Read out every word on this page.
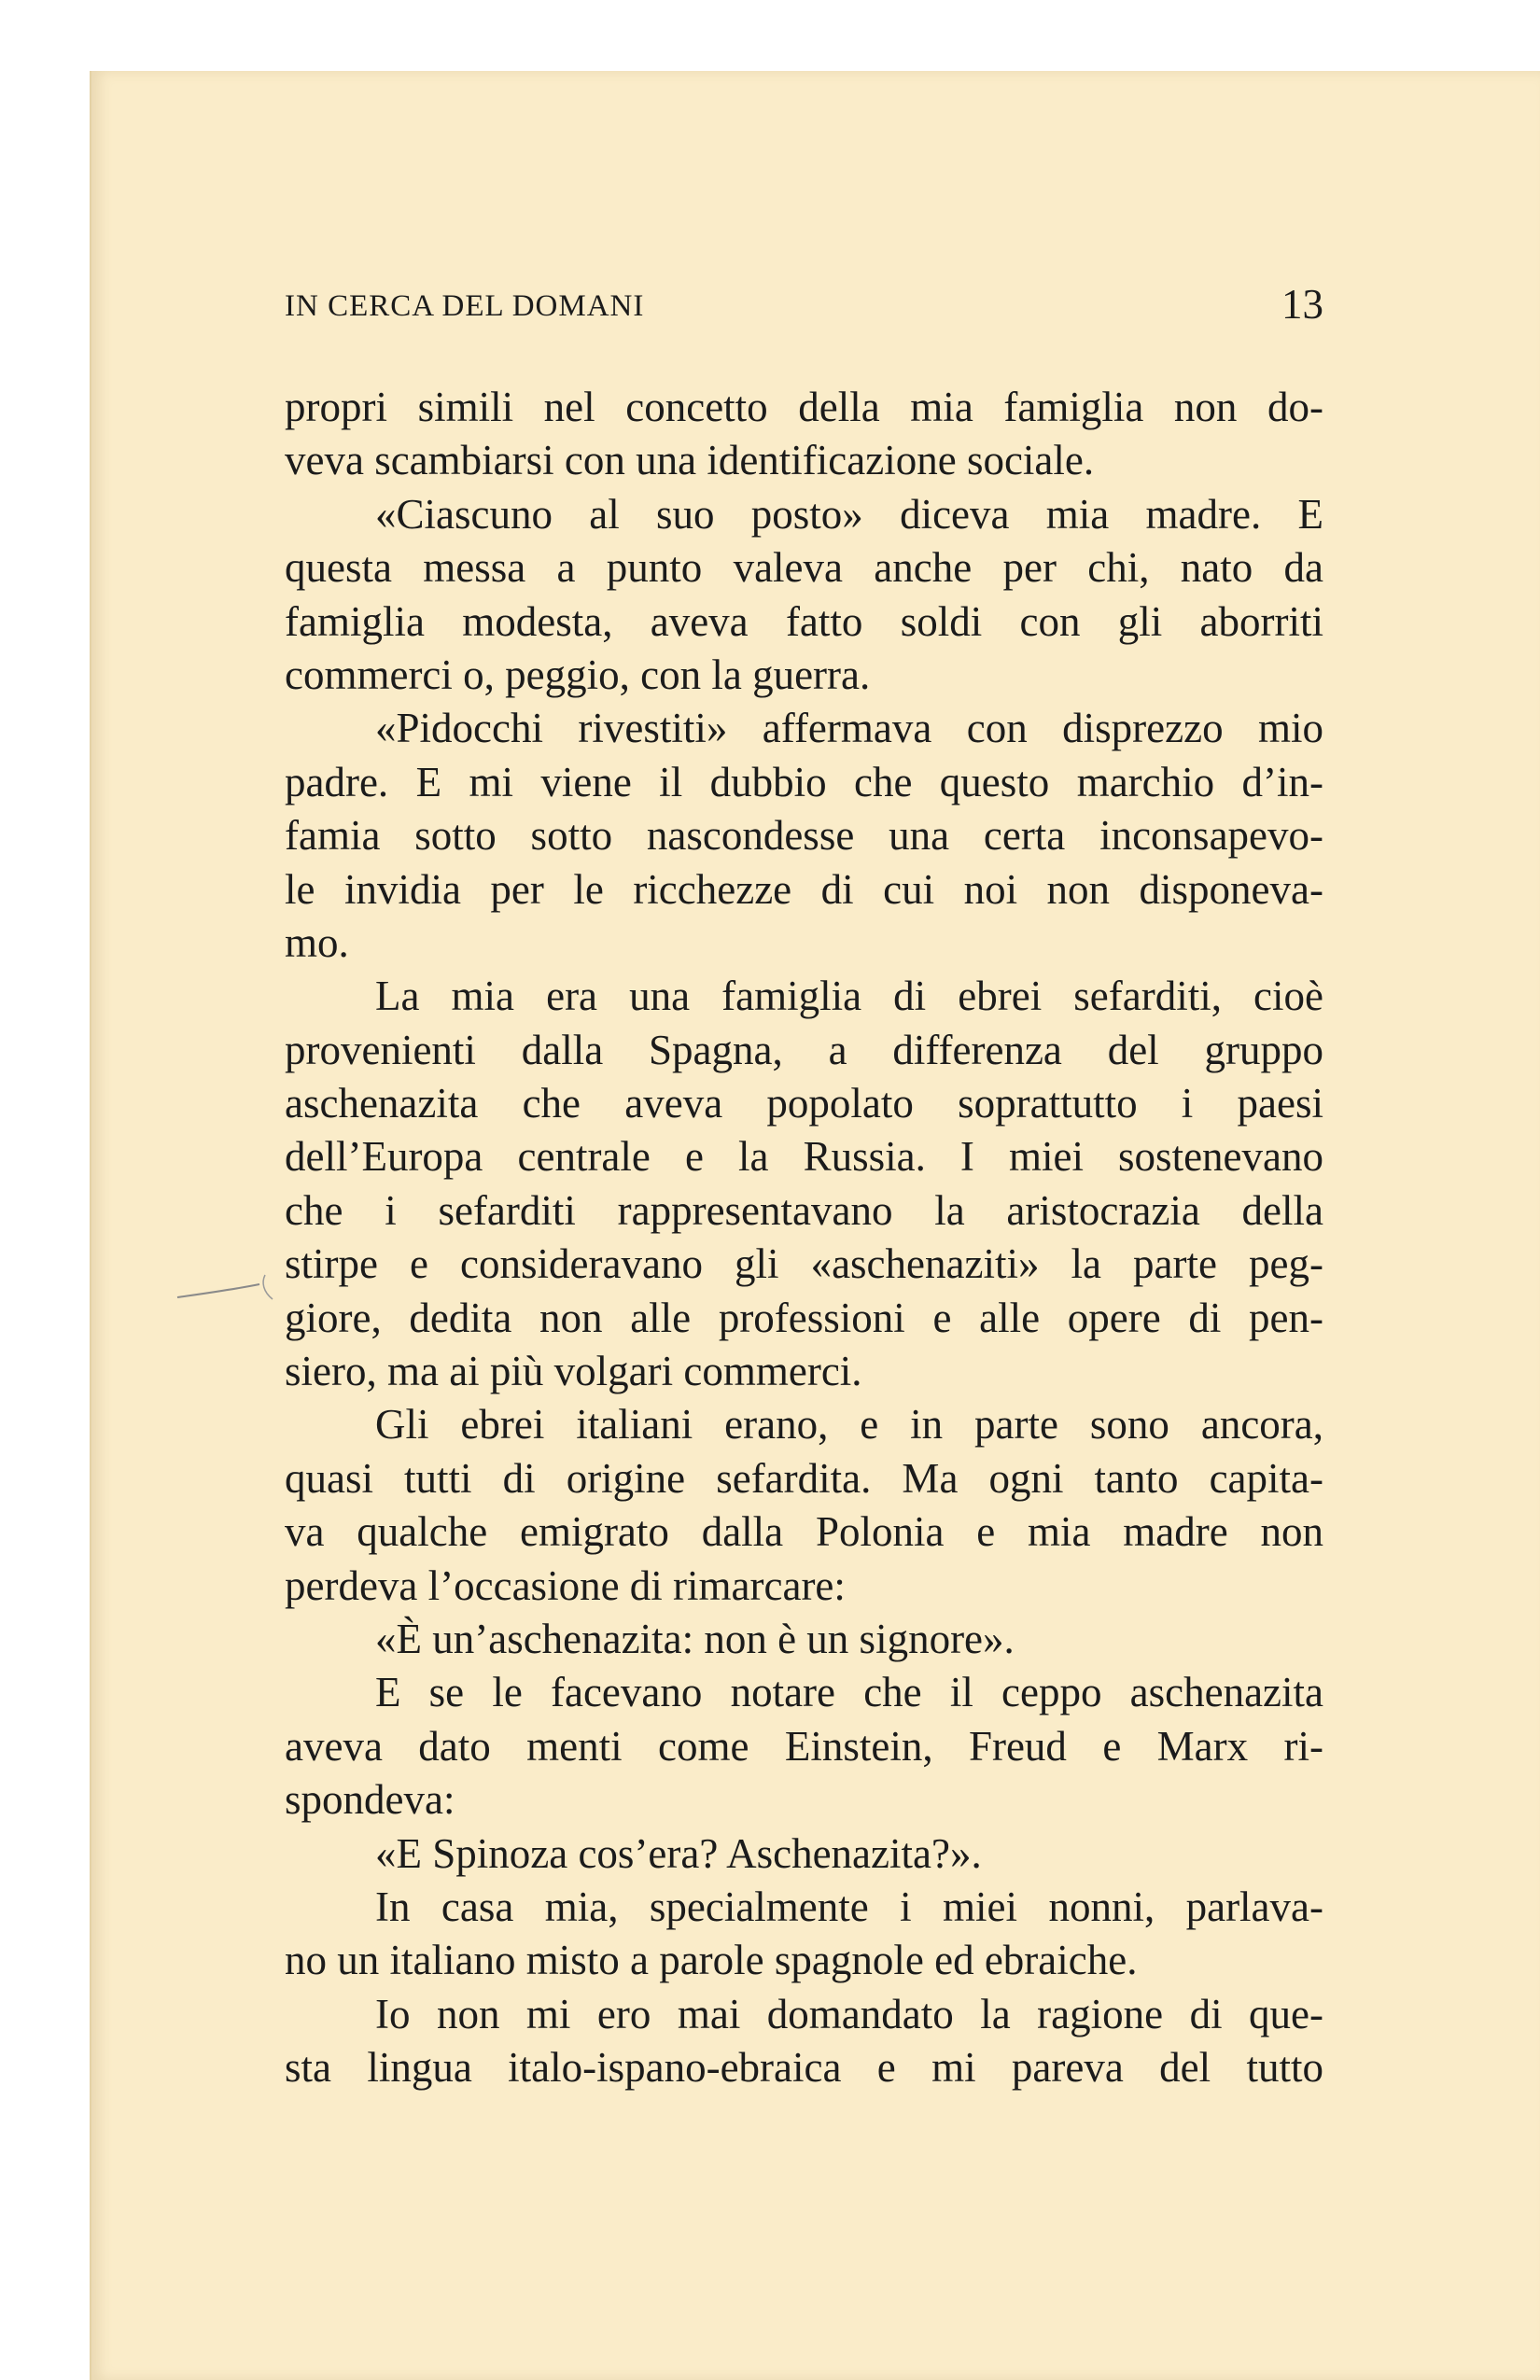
IN CERCA DEL DOMANI	13
propri simili nel concetto della mia famiglia non do-
veva scambiarsi con una identificazione sociale.
«Ciascuno al suo posto» diceva mia madre. E
questa messa a punto valeva anche per chi, nato da
famiglia modesta, aveva fatto soldi con gli aborriti
commerci o, peggio, con la guerra.
«Pidocchi rivestiti» affermava con disprezzo mio
padre. E mi viene il dubbio che questo marchio d’in-
famia sotto sotto nascondesse una certa inconsapevo-
le invidia per le ricchezze di cui noi non disponeva-
mo.
La mia era una famiglia di ebrei sefarditi, cioè
provenienti dalla Spagna, a differenza del gruppo
aschenazita che aveva popolato soprattutto i paesi
dell’Europa centrale e la Russia. I miei sostenevano
che i sefarditi rappresentavano la aristocrazia della
stirpe e consideravano gli «aschenaziti» la parte peg-
giore, dedita non alle professioni e alle opere di pen-
siero, ma ai più volgari commerci.
Gli ebrei italiani erano, e in parte sono ancora,
quasi tutti di origine sefardita. Ma ogni tanto capita-
va qualche emigrato dalla Polonia e mia madre non
perdeva l’occasione di rimarcare:
«È un’aschenazita: non è un signore».
E se le facevano notare che il ceppo aschenazita
aveva dato menti come Einstein, Freud e Marx ri-
spondeva:
«E Spinoza cos’era? Aschenazita?».
In casa mia, specialmente i miei nonni, parlava-
no un italiano misto a parole spagnole ed ebraiche.
Io non mi ero mai domandato la ragione di que-
sta lingua italo-ispano-ebraica e mi pareva del tutto
